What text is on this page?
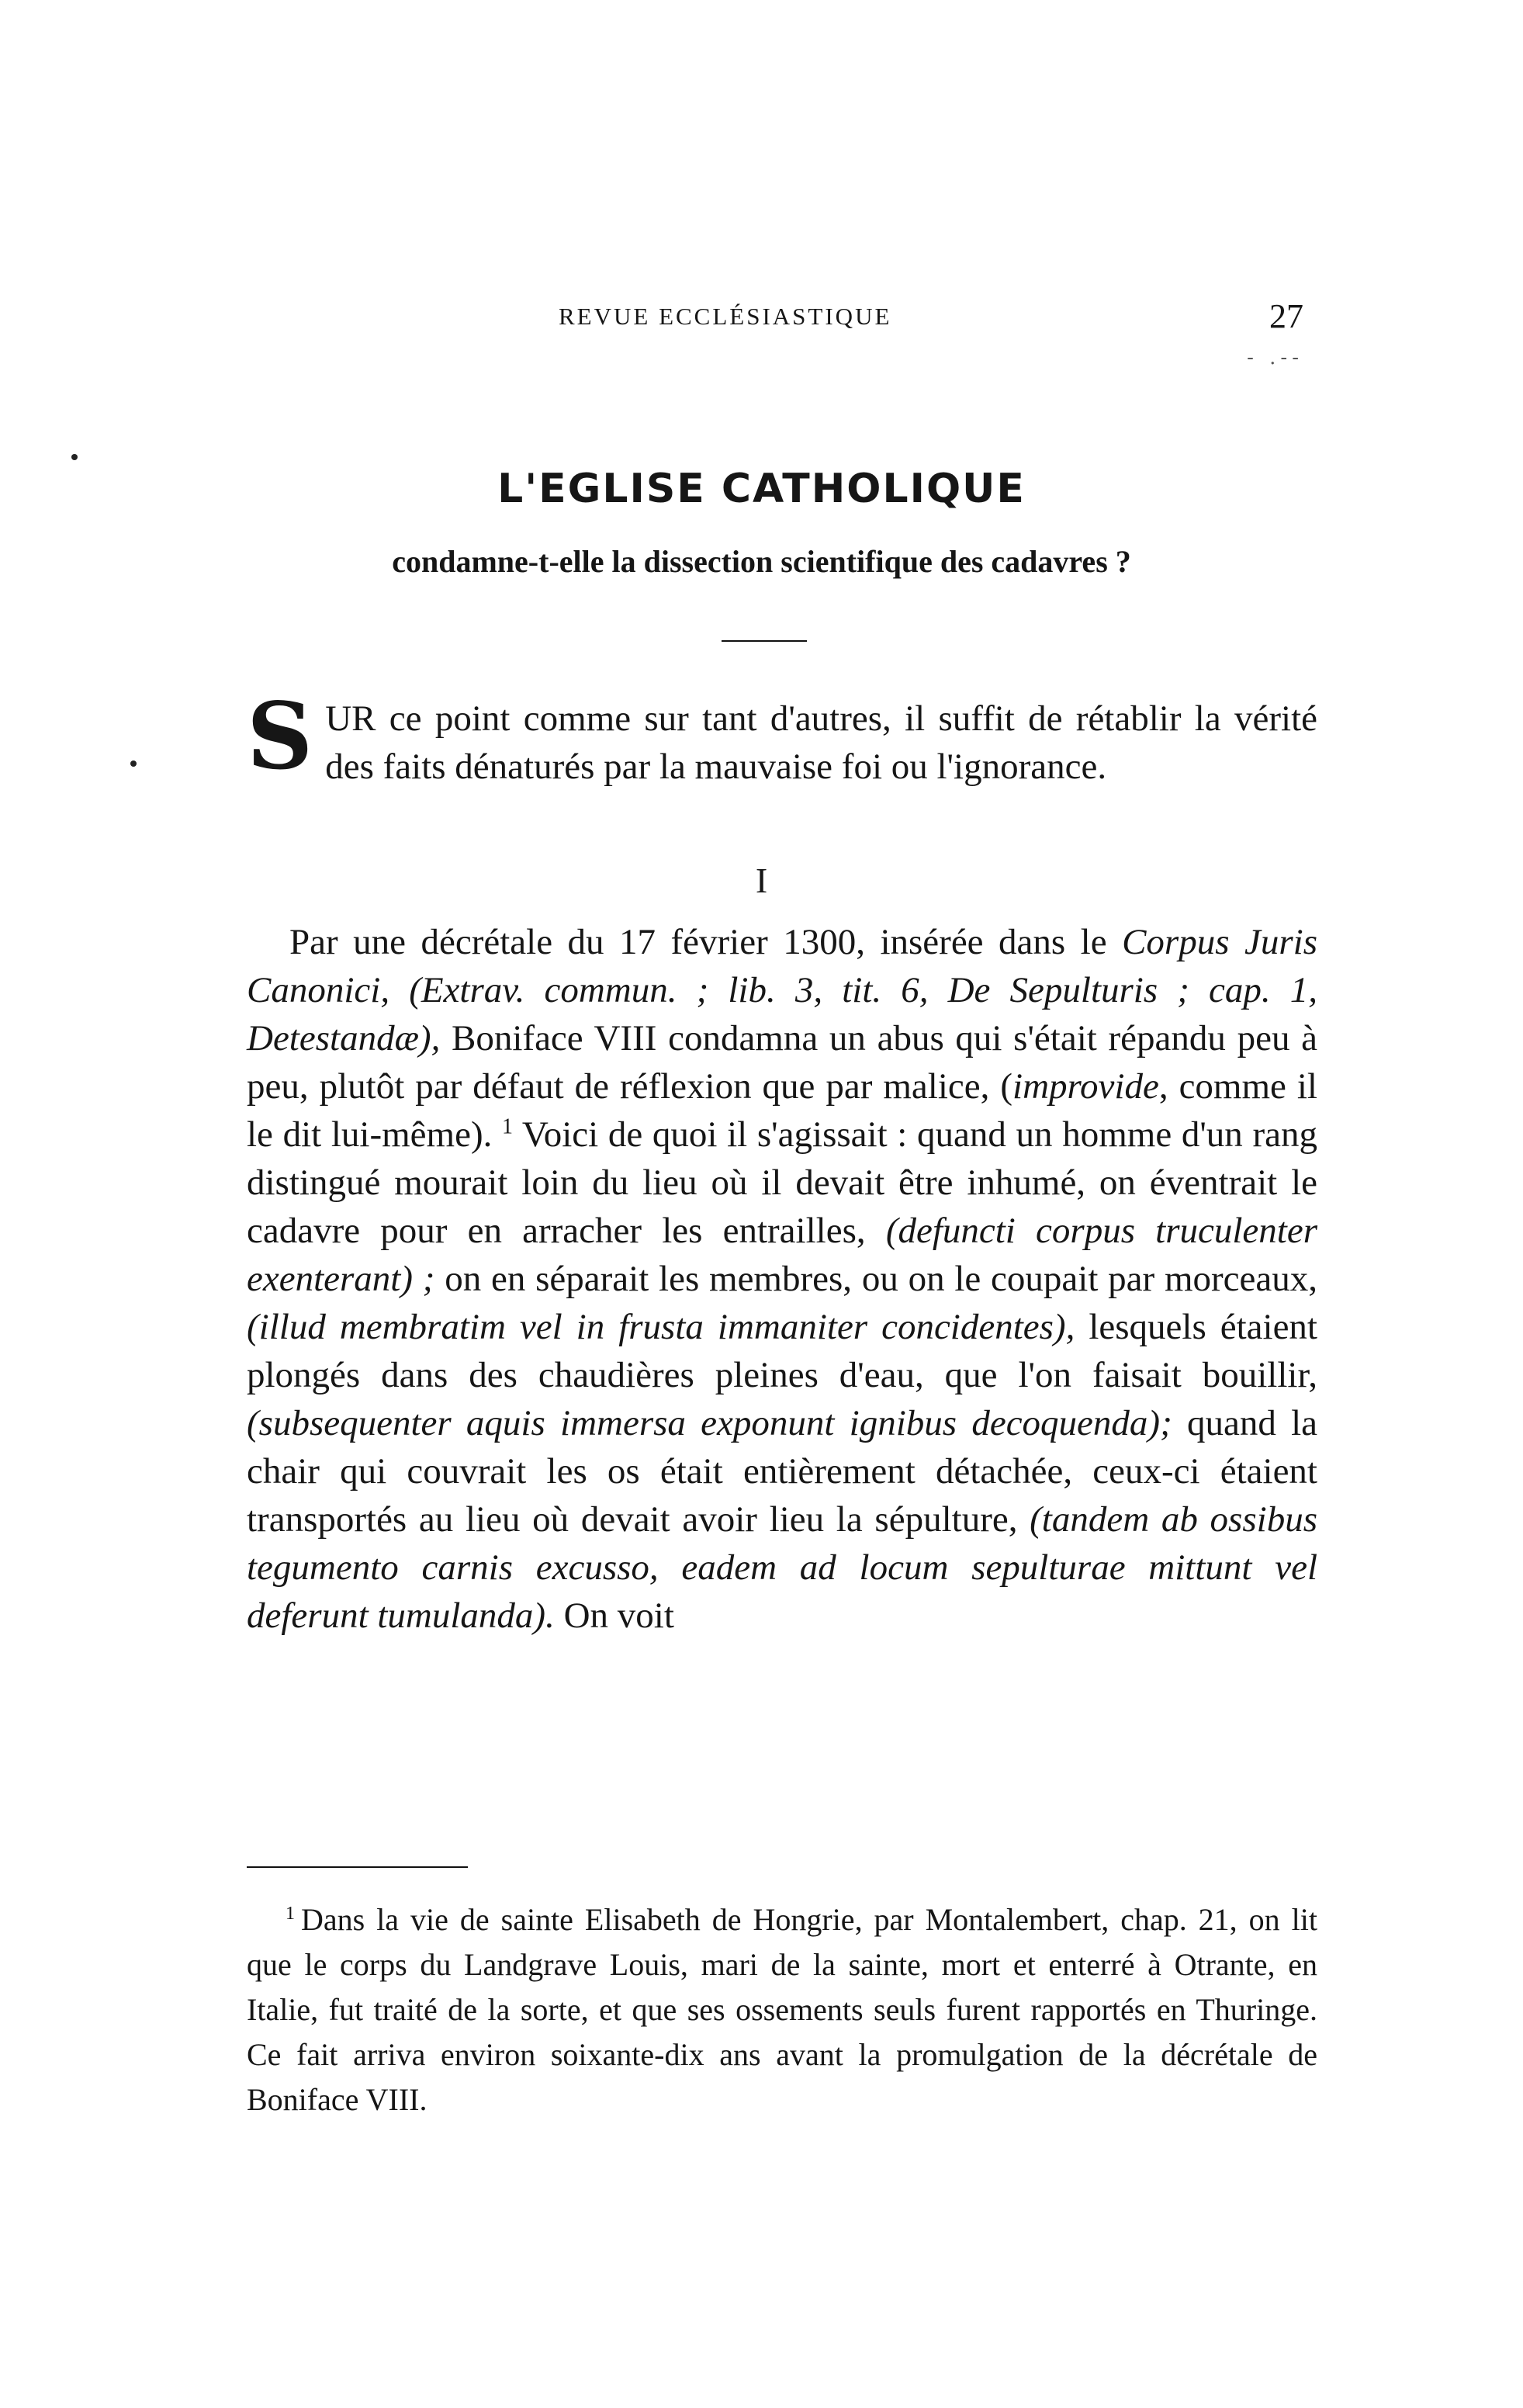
REVUE ECCLÉSIASTIQUE	27
- .--
L'EGLISE CATHOLIQUE
condamne-t-elle la dissection scientifique des cadavres ?

S UR ce point comme sur tant d'autres, il suffit de rétablir la vérité des faits dénaturés par la mauvaise foi ou l'ignorance.

I

Par une décrétale du 17 février 1300, insérée dans le Corpus Juris Canonici, (Extrav. commun. ; lib. 3, tit. 6, De Sepulturis ; cap. 1, Detestandæ), Boniface VIII condamna un abus qui s'était répandu peu à peu, plutôt par défaut de réflexion que par malice, (improvide, comme il le dit lui-même). $^1$ Voici de quoi il s'agissait : quand un homme d'un rang distingué mourait loin du lieu où il devait être inhumé, on éventrait le cadavre pour en arracher les entrailles, (defuncti corpus truculenter exenterant) ; on en séparait les membres, ou on le coupait par morceaux, (illud membratim vel in frusta immaniter concidentes), lesquels étaient plongés dans des chaudières pleines d'eau, que l'on faisait bouillir, (subsequenter aquis immersa exponunt ignibus decoquenda); quand la chair qui couvrait les os était entièrement détachée, ceux-ci étaient transportés au lieu où devait avoir lieu la sépulture, (tandem ab ossibus tegumento carnis excusso, eadem ad locum sepulturae mittunt vel deferunt tumulanda). On voit

$^1$ Dans la vie de sainte Elisabeth de Hongrie, par Montalembert, chap. 21, on lit que le corps du Landgrave Louis, mari de la sainte, mort et enterré à Otrante, en Italie, fut traité de la sorte, et que ses ossements seuls furent rapportés en Thuringe. Ce fait arriva environ soixante-dix ans avant la promulgation de la décrétale de Boniface VIII.
